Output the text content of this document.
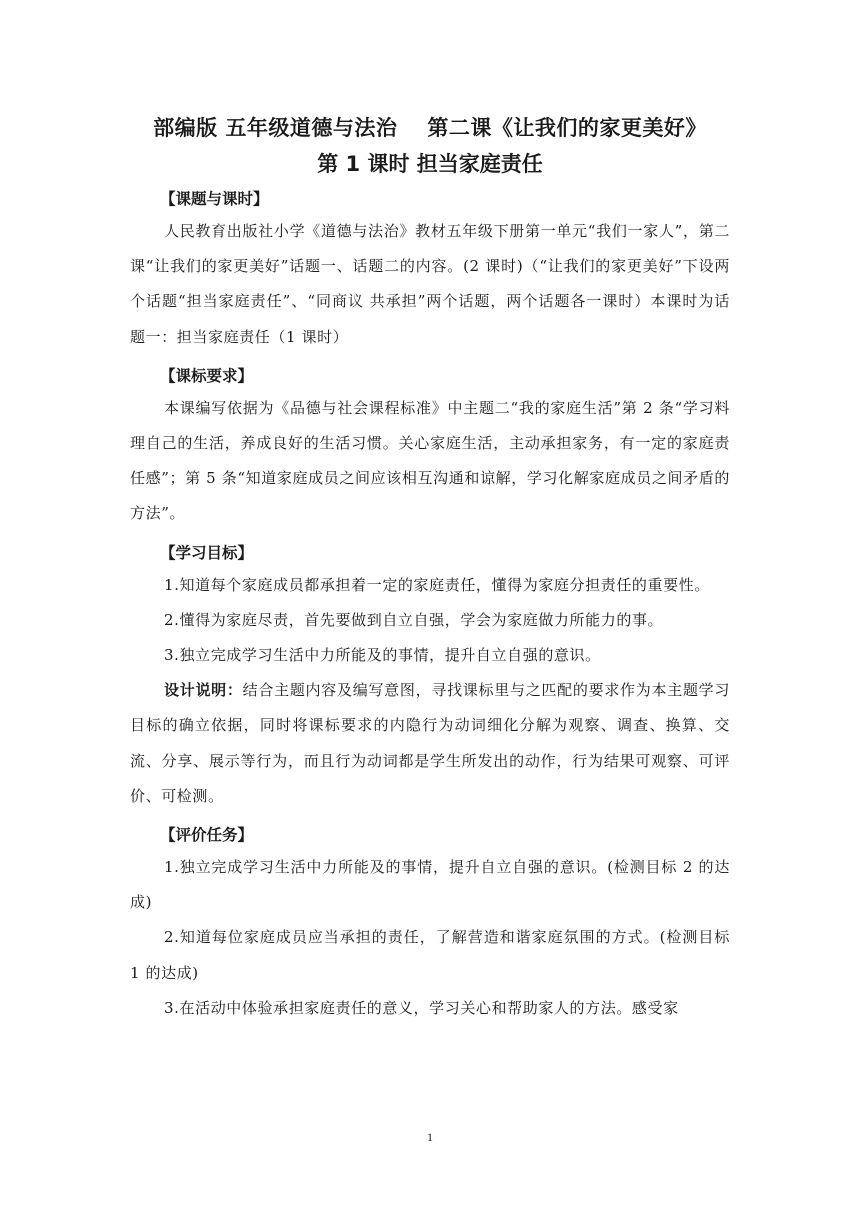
部编版 五年级道德与法治 第二课《让我们的家更美好》
第 1 课时 担当家庭责任
【课题与课时】

人民教育出版社小学《道德与法治》教材五年级下册第一单元“我们一家人”，第二课“让我们的家更美好”话题一、话题二的内容。(2 课时)（“让我们的家更美好”下设两个话题“担当家庭责任”、“同商议 共承担”两个话题，两个话题各一课时）本课时为话题一：担当家庭责任（1 课时）

【课标要求】

本课编写依据为《品德与社会课程标准》中主题二“我的家庭生活”第 2 条“学习料理自己的生活，养成良好的生活习惯。关心家庭生活，主动承担家务，有一定的家庭责任感”；第 5 条“知道家庭成员之间应该相互沟通和谅解，学习化解家庭成员之间矛盾的方法”。

【学习目标】

1.知道每个家庭成员都承担着一定的家庭责任，懂得为家庭分担责任的重要性。

2.懂得为家庭尽责，首先要做到自立自强，学会为家庭做力所能力的事。

3.独立完成学习生活中力所能及的事情，提升自立自强的意识。

设计说明：结合主题内容及编写意图，寻找课标里与之匹配的要求作为本主题学习目标的确立依据，同时将课标要求的内隐行为动词细化分解为观察、调查、换算、交流、分享、展示等行为，而且行为动词都是学生所发出的动作，行为结果可观察、可评价、可检测。

【评价任务】

1.独立完成学习生活中力所能及的事情，提升自立自强的意识。(检测目标 2 的达成)

2.知道每位家庭成员应当承担的责任，了解营造和谐家庭氛围的方式。(检测目标 1 的达成)

3.在活动中体验承担家庭责任的意义，学习关心和帮助家人的方法。感受家

1
